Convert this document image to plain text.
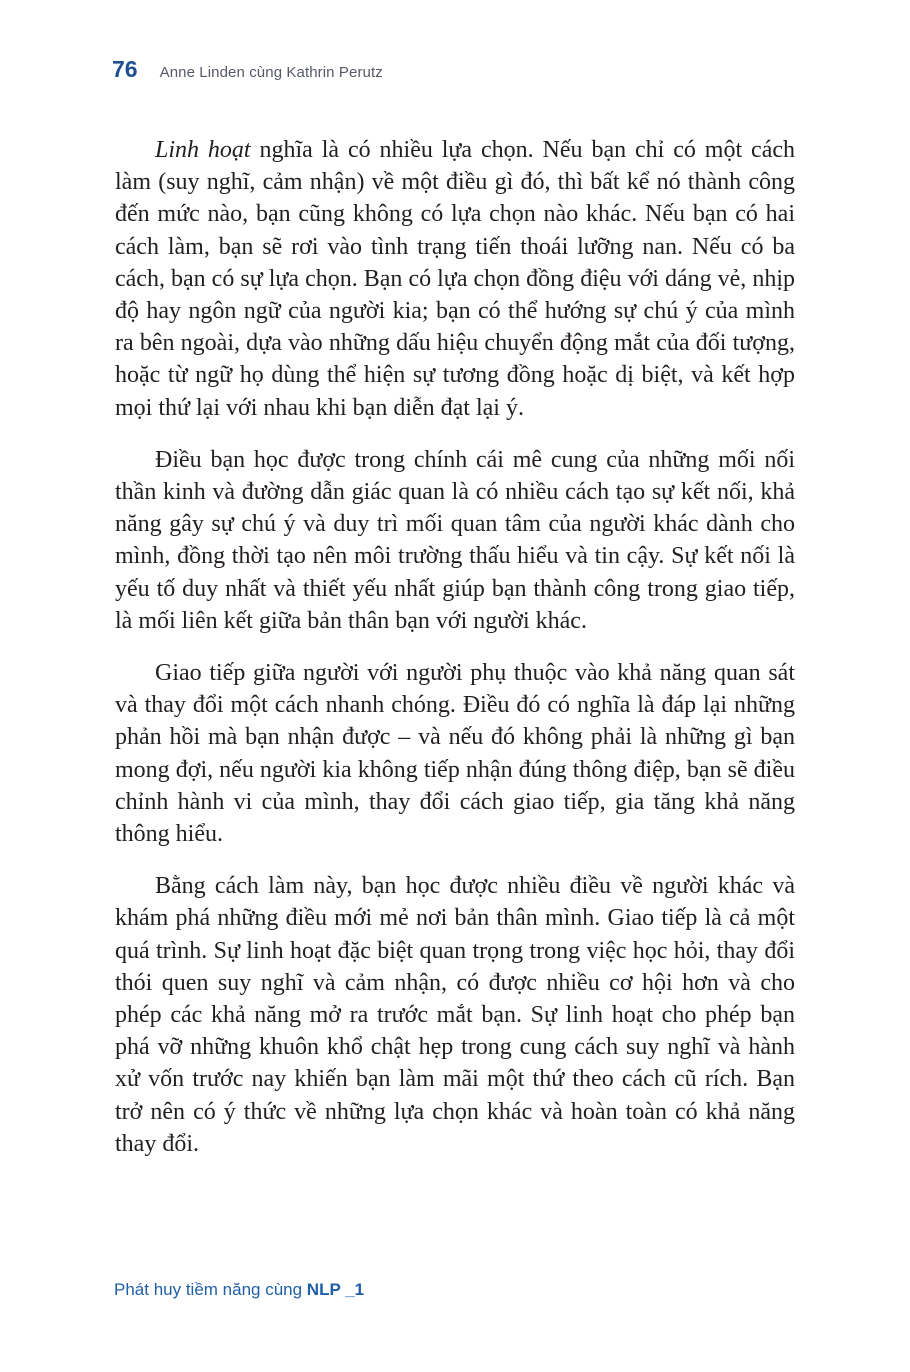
76 Anne Linden cùng Kathrin Perutz

Linh hoạt nghĩa là có nhiều lựa chọn. Nếu bạn chỉ có một cách làm (suy nghĩ, cảm nhận) về một điều gì đó, thì bất kể nó thành công đến mức nào, bạn cũng không có lựa chọn nào khác. Nếu bạn có hai cách làm, bạn sẽ rơi vào tình trạng tiến thoái lưỡng nan. Nếu có ba cách, bạn có sự lựa chọn. Bạn có lựa chọn đồng điệu với dáng vẻ, nhịp độ hay ngôn ngữ của người kia; bạn có thể hướng sự chú ý của mình ra bên ngoài, dựa vào những dấu hiệu chuyển động mắt của đối tượng, hoặc từ ngữ họ dùng thể hiện sự tương đồng hoặc dị biệt, và kết hợp mọi thứ lại với nhau khi bạn diễn đạt lại ý.

Điều bạn học được trong chính cái mê cung của những mối nối thần kinh và đường dẫn giác quan là có nhiều cách tạo sự kết nối, khả năng gây sự chú ý và duy trì mối quan tâm của người khác dành cho mình, đồng thời tạo nên môi trường thấu hiểu và tin cậy. Sự kết nối là yếu tố duy nhất và thiết yếu nhất giúp bạn thành công trong giao tiếp, là mối liên kết giữa bản thân bạn với người khác.

Giao tiếp giữa người với người phụ thuộc vào khả năng quan sát và thay đổi một cách nhanh chóng. Điều đó có nghĩa là đáp lại những phản hồi mà bạn nhận được – và nếu đó không phải là những gì bạn mong đợi, nếu người kia không tiếp nhận đúng thông điệp, bạn sẽ điều chỉnh hành vi của mình, thay đổi cách giao tiếp, gia tăng khả năng thông hiểu.

Bằng cách làm này, bạn học được nhiều điều về người khác và khám phá những điều mới mẻ nơi bản thân mình. Giao tiếp là cả một quá trình. Sự linh hoạt đặc biệt quan trọng trong việc học hỏi, thay đổi thói quen suy nghĩ và cảm nhận, có được nhiều cơ hội hơn và cho phép các khả năng mở ra trước mắt bạn. Sự linh hoạt cho phép bạn phá vỡ những khuôn khổ chật hẹp trong cung cách suy nghĩ và hành xử vốn trước nay khiến bạn làm mãi một thứ theo cách cũ rích. Bạn trở nên có ý thức về những lựa chọn khác và hoàn toàn có khả năng thay đổi.

Phát huy tiềm năng cùng NLP _1
